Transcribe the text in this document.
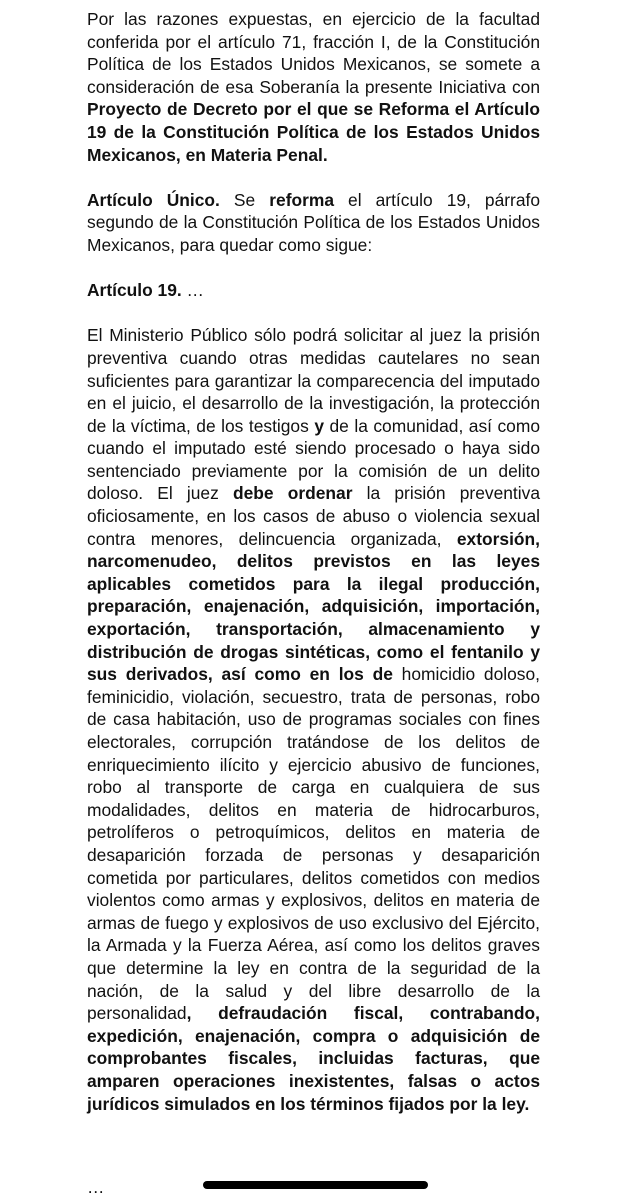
Por las razones expuestas, en ejercicio de la facultad conferida por el artículo 71, fracción I, de la Constitución Política de los Estados Unidos Mexicanos, se somete a consideración de esa Soberanía la presente Iniciativa con Proyecto de Decreto por el que se Reforma el Artículo 19 de la Constitución Política de los Estados Unidos Mexicanos, en Materia Penal.

Artículo Único. Se reforma el artículo 19, párrafo segundo de la Constitución Política de los Estados Unidos Mexicanos, para quedar como sigue:

Artículo 19. …

El Ministerio Público sólo podrá solicitar al juez la prisión preventiva cuando otras medidas cautelares no sean suficientes para garantizar la comparecencia del imputado en el juicio, el desarrollo de la investigación, la protección de la víctima, de los testigos y de la comunidad, así como cuando el imputado esté siendo procesado o haya sido sentenciado previamente por la comisión de un delito doloso. El juez debe ordenar la prisión preventiva oficiosamente, en los casos de abuso o violencia sexual contra menores, delincuencia organizada, extorsión, narcomenudeo, delitos previstos en las leyes aplicables cometidos para la ilegal producción, preparación, enajenación, adquisición, importación, exportación, transportación, almacenamiento y distribución de drogas sintéticas, como el fentanilo y sus derivados, así como en los de homicidio doloso, feminicidio, violación, secuestro, trata de personas, robo de casa habitación, uso de programas sociales con fines electorales, corrupción tratándose de los delitos de enriquecimiento ilícito y ejercicio abusivo de funciones, robo al transporte de carga en cualquiera de sus modalidades, delitos en materia de hidrocarburos, petrolíferos o petroquímicos, delitos en materia de desaparición forzada de personas y desaparición cometida por particulares, delitos cometidos con medios violentos como armas y explosivos, delitos en materia de armas de fuego y explosivos de uso exclusivo del Ejército, la Armada y la Fuerza Aérea, así como los delitos graves que determine la ley en contra de la seguridad de la nación, de la salud y del libre desarrollo de la personalidad, defraudación fiscal, contrabando, expedición, enajenación, compra o adquisición de comprobantes fiscales, incluidas facturas, que amparen operaciones inexistentes, falsas o actos jurídicos simulados en los términos fijados por la ley.

…
